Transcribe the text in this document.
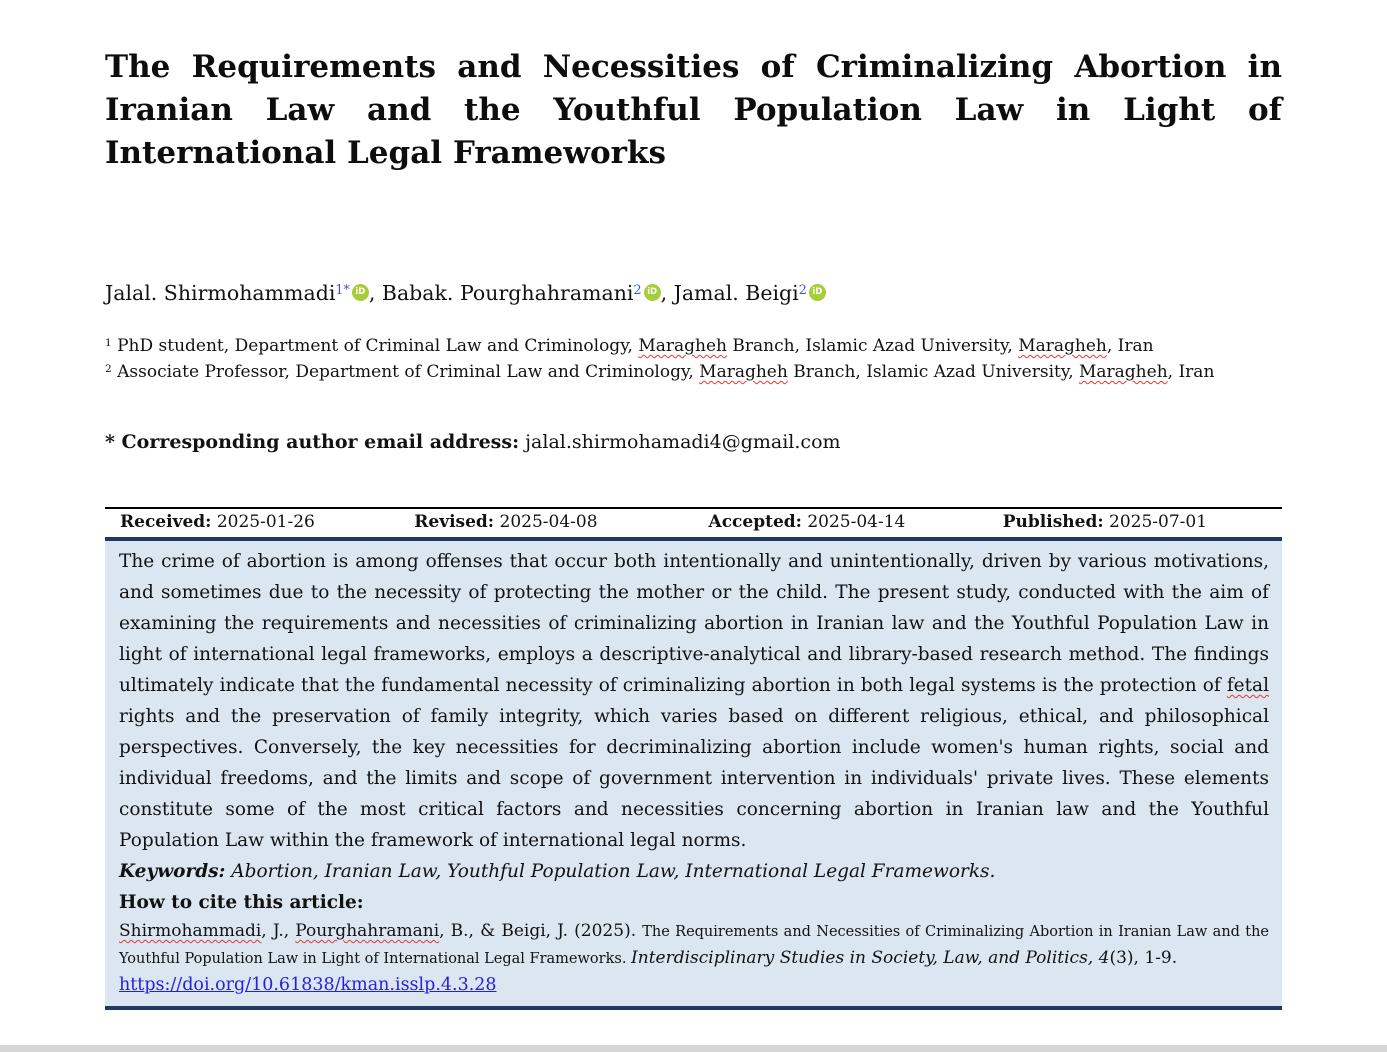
The Requirements and Necessities of Criminalizing Abortion in Iranian Law and the Youthful Population Law in Light of International Legal Frameworks

Jalal. Shirmohammadi$^{1*}$ iD , Babak. Pourghahramani$^2$ iD , Jamal. Beigi$^2$ iD

$^1$ PhD student, Department of Criminal Law and Criminology, Maragheh Branch, Islamic Azad University, Maragheh, Iran

$^2$ Associate Professor, Department of Criminal Law and Criminology, Maragheh Branch, Islamic Azad University, Maragheh, Iran

* Corresponding author email address: jalal.shirmohamadi4@gmail.com

Received: 2025-01-26	Revised: 2025-04-08	Accepted: 2025-04-14	Published: 2025-07-01

The crime of abortion is among offenses that occur both intentionally and unintentionally, driven by various motivations, and sometimes due to the necessity of protecting the mother or the child. The present study, conducted with the aim of examining the requirements and necessities of criminalizing abortion in Iranian law and the Youthful Population Law in light of international legal frameworks, employs a descriptive-analytical and library-based research method. The findings ultimately indicate that the fundamental necessity of criminalizing abortion in both legal systems is the protection of fetal rights and the preservation of family integrity, which varies based on different religious, ethical, and philosophical perspectives. Conversely, the key necessities for decriminalizing abortion include women's human rights, social and individual freedoms, and the limits and scope of government intervention in individuals' private lives. These elements constitute some of the most critical factors and necessities concerning abortion in Iranian law and the Youthful Population Law within the framework of international legal norms.

Keywords: Abortion, Iranian Law, Youthful Population Law, International Legal Frameworks.

How to cite this article:

Shirmohammadi, J., Pourghahramani, B., & Beigi, J. (2025). The Requirements and Necessities of Criminalizing Abortion in Iranian Law and the Youthful Population Law in Light of International Legal Frameworks. Interdisciplinary Studies in Society, Law, and Politics, 4(3), 1-9.

https://doi.org/10.61838/kman.isslp.4.3.28
